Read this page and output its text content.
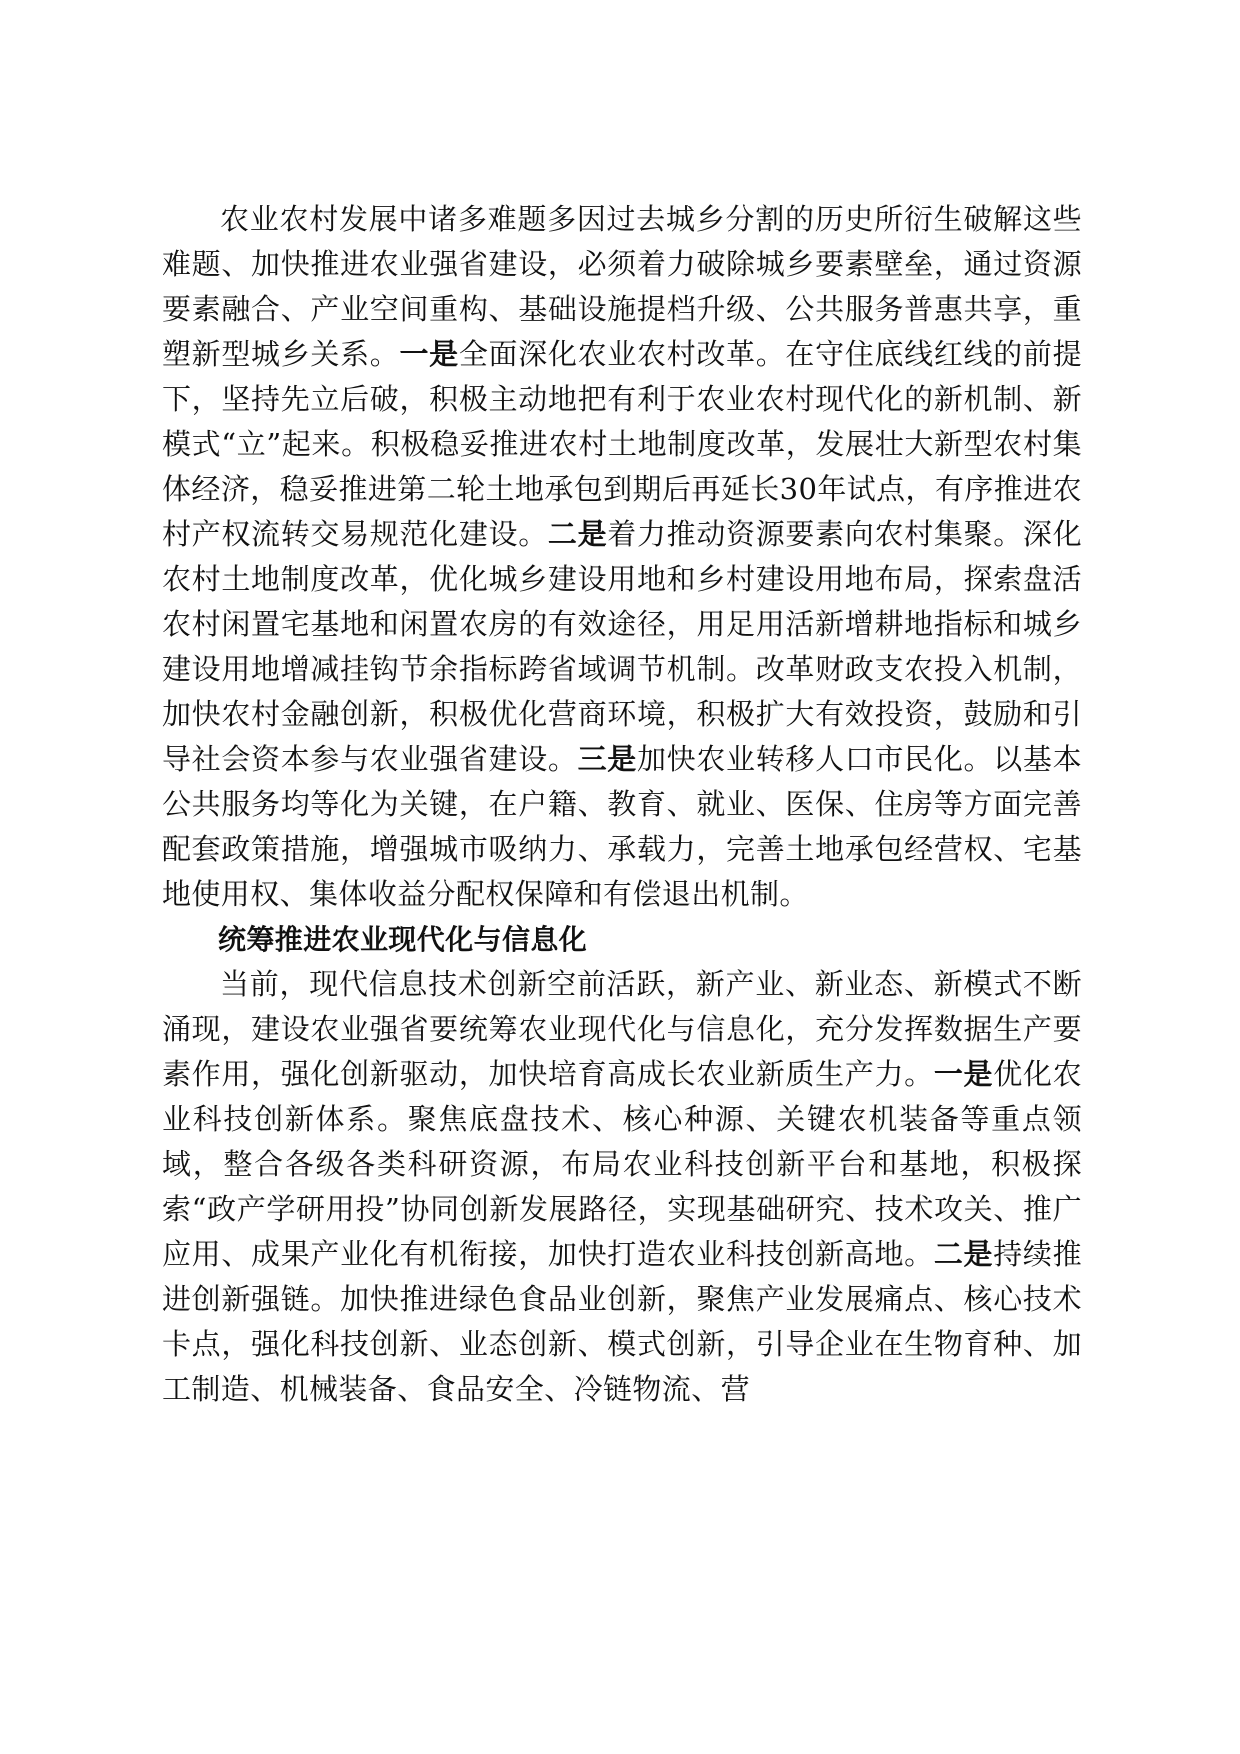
农业农村发展中诸多难题多因过去城乡分割的历史所衍生破解这些难题、加快推进农业强省建设，必须着力破除城乡要素壁垒，通过资源要素融合、产业空间重构、基础设施提档升级、公共服务普惠共享，重塑新型城乡关系。一是全面深化农业农村改革。在守住底线红线的前提下，坚持先立后破，积极主动地把有利于农业农村现代化的新机制、新模式“立”起来。积极稳妥推进农村土地制度改革，发展壮大新型农村集体经济，稳妥推进第二轮土地承包到期后再延长30年试点，有序推进农村产权流转交易规范化建设。二是着力推动资源要素向农村集聚。深化农村土地制度改革，优化城乡建设用地和乡村建设用地布局，探索盘活农村闲置宅基地和闲置农房的有效途径，用足用活新增耕地指标和城乡建设用地增减挂钩节余指标跨省域调节机制。改革财政支农投入机制，加快农村金融创新，积极优化营商环境，积极扩大有效投资，鼓励和引导社会资本参与农业强省建设。三是加快农业转移人口市民化。以基本公共服务均等化为关键，在户籍、教育、就业、医保、住房等方面完善配套政策措施，增强城市吸纳力、承载力，完善土地承包经营权、宅基地使用权、集体收益分配权保障和有偿退出机制。

统筹推进农业现代化与信息化

当前，现代信息技术创新空前活跃，新产业、新业态、新模式不断涌现，建设农业强省要统筹农业现代化与信息化，充分发挥数据生产要素作用，强化创新驱动，加快培育高成长农业新质生产力。一是优化农业科技创新体系。聚焦底盘技术、核心种源、关键农机装备等重点领域，整合各级各类科研资源，布局农业科技创新平台和基地，积极探索“政产学研用投”协同创新发展路径，实现基础研究、技术攻关、推广应用、成果产业化有机衔接，加快打造农业科技创新高地。二是持续推进创新强链。加快推进绿色食品业创新，聚焦产业发展痛点、核心技术卡点，强化科技创新、业态创新、模式创新，引导企业在生物育种、加工制造、机械装备、食品安全、冷链物流、营
